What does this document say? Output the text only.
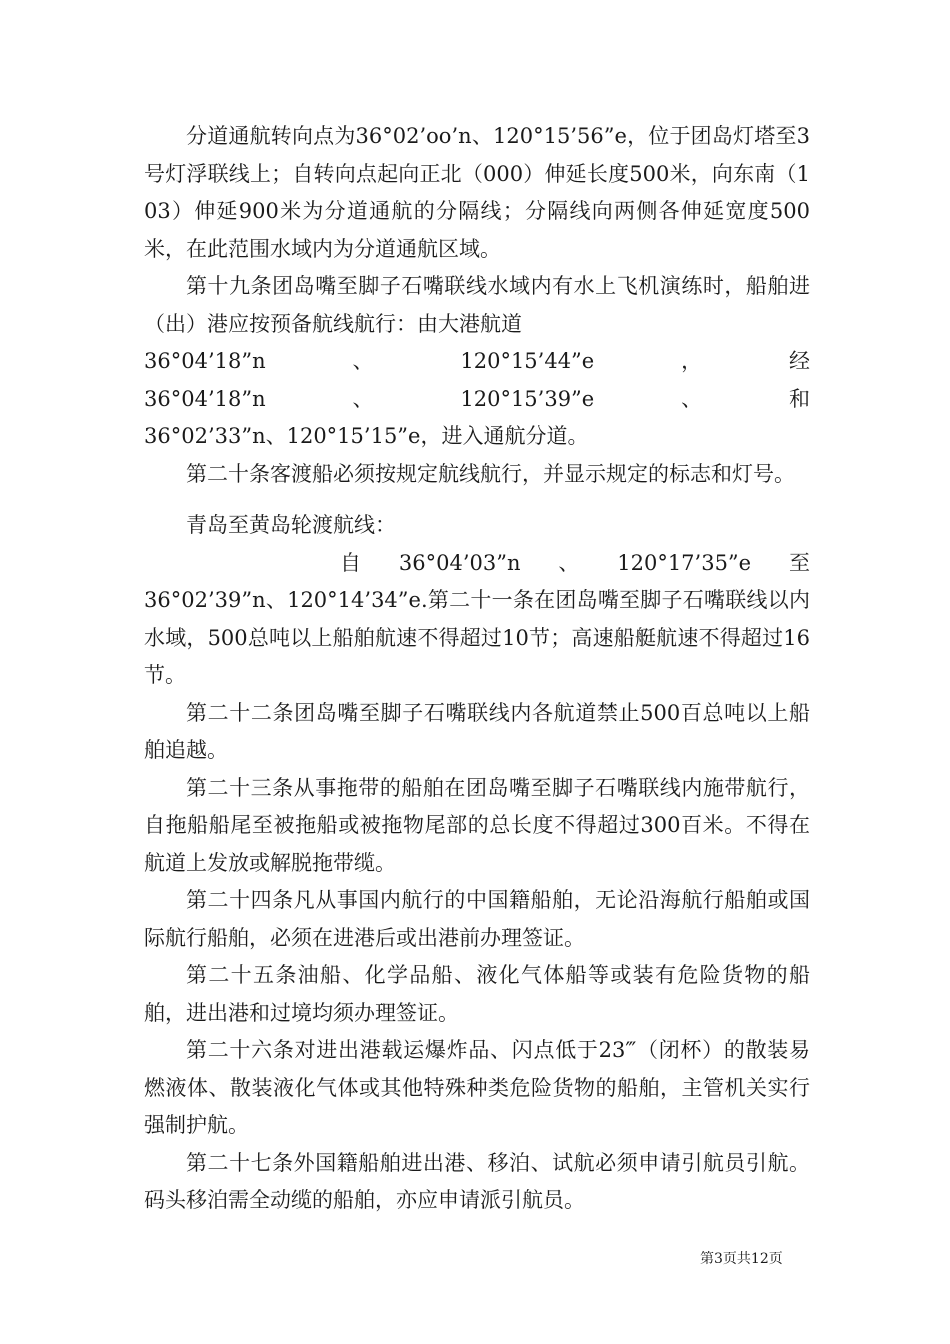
分道通航转向点为36°02’oo’n、120°15’56”e，位于团岛灯塔至3号灯浮联线上；自转向点起向正北（000）伸延长度500米，向东南（103）伸延900米为分道通航的分隔线；分隔线向两侧各伸延宽度500米，在此范围水域内为分道通航区域。

第十九条团岛嘴至脚子石嘴联线水域内有水上飞机演练时，船舶进（出）港应按预备航线航行：由大港航道

36°04’18”n	、	120°15’44”e	，	经
36°04’18”n	、	120°15’39”e	、	和

36°02’33”n、120°15’15”e，进入通航分道。

第二十条客渡船必须按规定航线航行，并显示规定的标志和灯号。

青岛至黄岛轮渡航线：

自 36°04’03”n 、 120°17’35”e 至

36°02’39”n、120°14’34”e.第二十一条在团岛嘴至脚子石嘴联线以内水域，500总吨以上船舶航速不得超过10节；高速船艇航速不得超过16节。

第二十二条团岛嘴至脚子石嘴联线内各航道禁止500百总吨以上船舶追越。

第二十三条从事拖带的船舶在团岛嘴至脚子石嘴联线内施带航行，自拖船船尾至被拖船或被拖物尾部的总长度不得超过300百米。不得在航道上发放或解脱拖带缆。

第二十四条凡从事国内航行的中国籍船舶，无论沿海航行船舶或国际航行船舶，必须在进港后或出港前办理签证。

第二十五条油船、化学品船、液化气体船等或装有危险货物的船舶，进出港和过境均须办理签证。

第二十六条对进出港载运爆炸品、闪点低于23‴（闭杯）的散装易燃液体、散装液化气体或其他特殊种类危险货物的船舶，主管机关实行强制护航。

第二十七条外国籍船舶进出港、移泊、试航必须申请引航员引航。码头移泊需全动缆的船舶，亦应申请派引航员。

第3页共12页
